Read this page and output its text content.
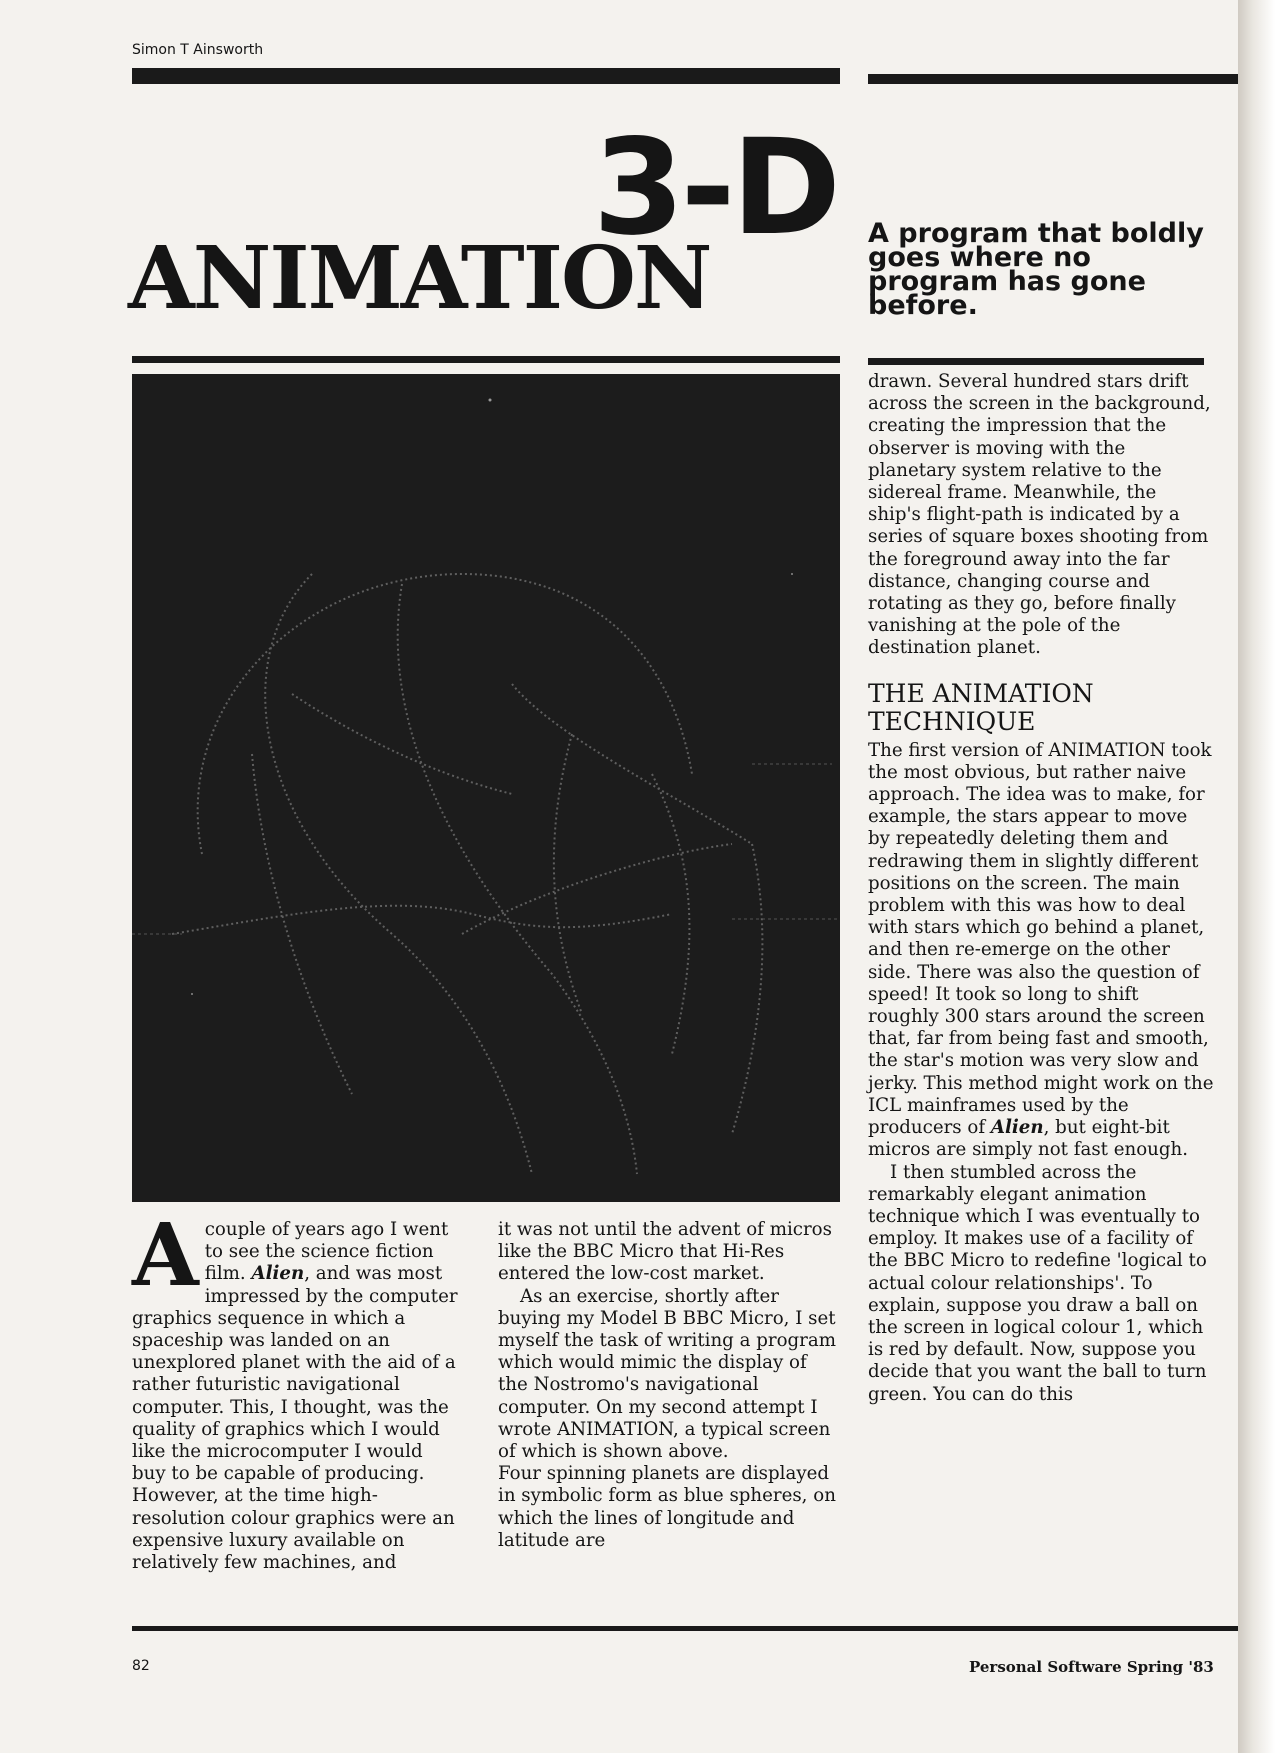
Simon T Ainsworth
3-D
ANIMATION	A program that boldly goes where no program has gone before.

Acouple of years ago I went to see the science fiction film. Alien, and was most impressed by the computer graphics sequence in which a spaceship was landed on an unexplored planet with the aid of a rather futuristic navigational computer. This, I thought, was the quality of graphics which I would like the microcomputer I would buy to be capable of producing. However, at the time high-resolution colour graphics were an expensive luxury available on relatively few machines, and

it was not until the advent of micros like the BBC Micro that Hi-Res entered the low-cost market.

As an exercise, shortly after buying my Model B BBC Micro, I set myself the task of writing a program which would mimic the display of the Nostromo's navigational computer. On my second attempt I wrote ANIMATION, a typical screen of which is shown above.

Four spinning planets are displayed in symbolic form as blue spheres, on which the lines of longitude and latitude are

drawn. Several hundred stars drift across the screen in the background, creating the impression that the observer is moving with the planetary system relative to the sidereal frame. Meanwhile, the ship's flight-path is indicated by a series of square boxes shooting from the foreground away into the far distance, changing course and rotating as they go, before finally vanishing at the pole of the destination planet.

THE ANIMATION TECHNIQUE

The first version of ANIMATION took the most obvious, but rather naive approach. The idea was to make, for example, the stars appear to move by repeatedly deleting them and redrawing them in slightly different positions on the screen. The main problem with this was how to deal with stars which go behind a planet, and then re-emerge on the other side. There was also the question of speed! It took so long to shift roughly 300 stars around the screen that, far from being fast and smooth, the star's motion was very slow and jerky. This method might work on the ICL mainframes used by the producers of Alien, but eight-bit micros are simply not fast enough.

I then stumbled across the remarkably elegant animation technique which I was eventually to employ. It makes use of a facility of the BBC Micro to redefine 'logical to actual colour relationships'. To explain, suppose you draw a ball on the screen in logical colour 1, which is red by default. Now, suppose you decide that you want the ball to turn green. You can do this

82	Personal Software Spring '83
